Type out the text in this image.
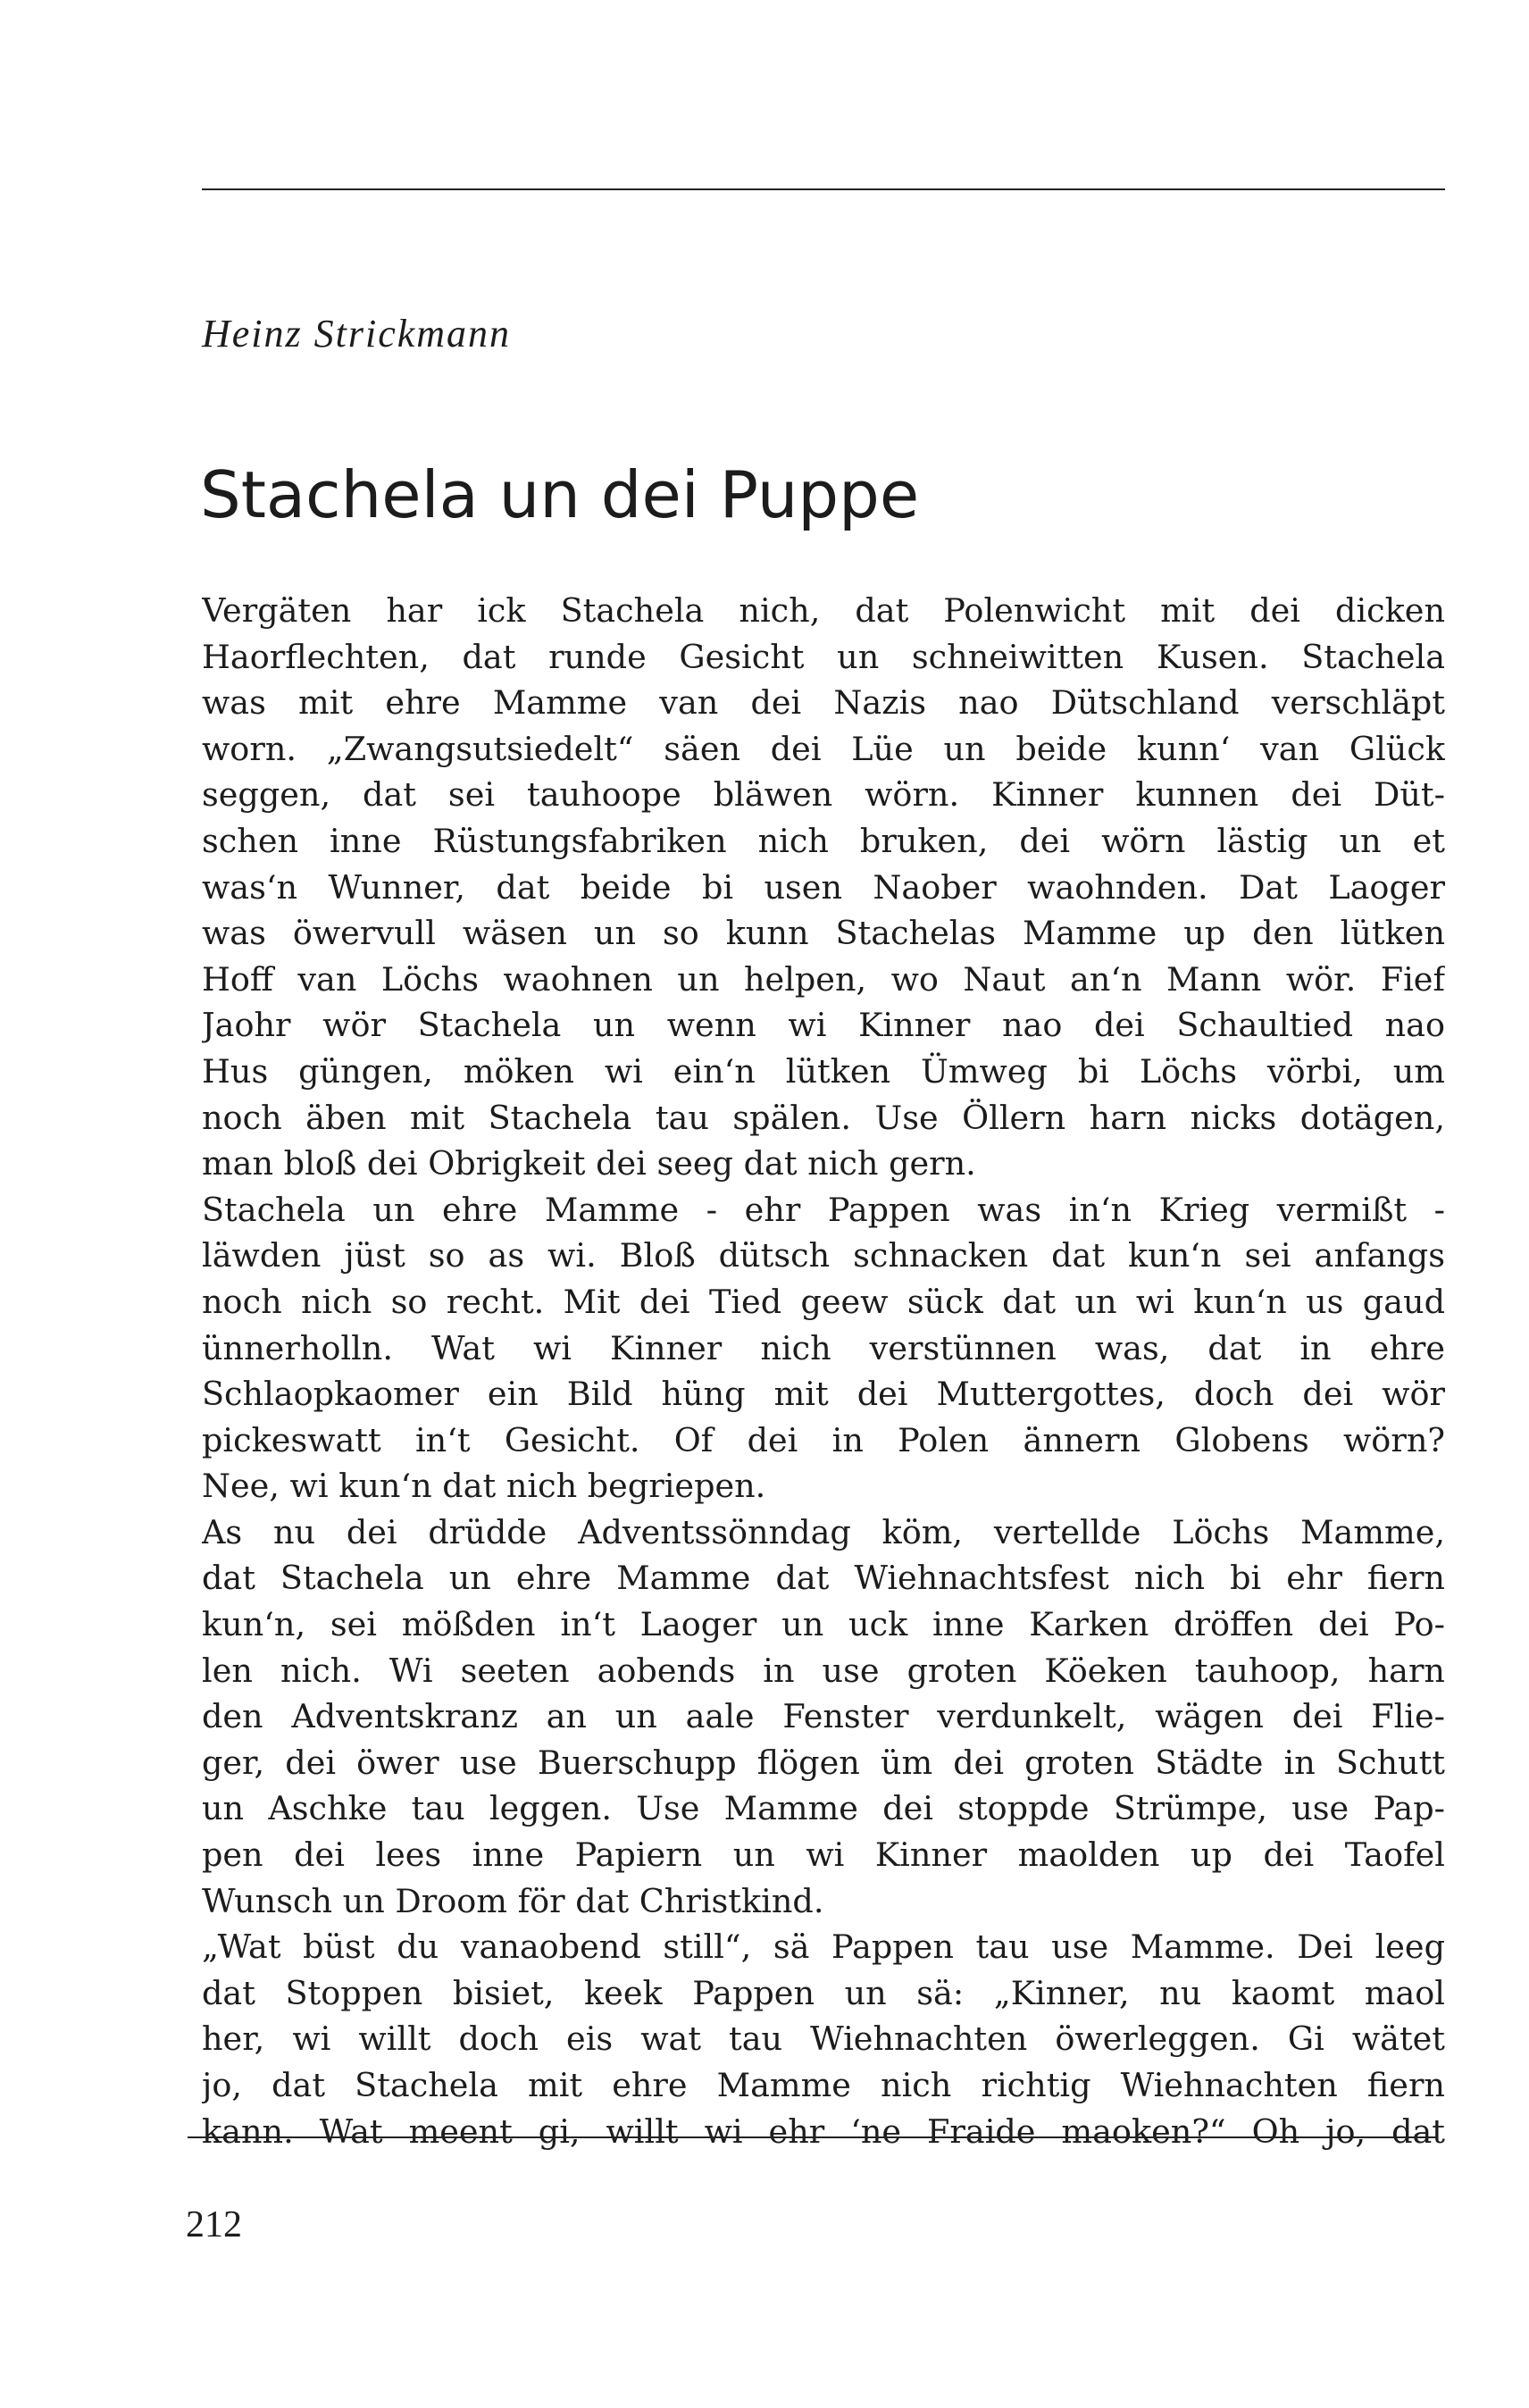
Heinz Strickmann
Stachela un dei Puppe
Vergäten har ick Stachela nich, dat Polenwicht mit dei dicken
Haorflechten, dat runde Gesicht un schneiwitten Kusen. Stachela
was mit ehre Mamme van dei Nazis nao Dütschland verschläpt
worn. „Zwangsutsiedelt“ säen dei Lüe un beide kunn‘ van Glück
seggen, dat sei tauhoope bläwen wörn. Kinner kunnen dei Düt-
schen inne Rüstungsfabriken nich bruken, dei wörn lästig un et
was‘n Wunner, dat beide bi usen Naober waohnden. Dat Laoger
was öwervull wäsen un so kunn Stachelas Mamme up den lütken
Hoff van Löchs waohnen un helpen, wo Naut an‘n Mann wör. Fief
Jaohr wör Stachela un wenn wi Kinner nao dei Schaultied nao
Hus güngen, möken wi ein‘n lütken Ümweg bi Löchs vörbi, um
noch äben mit Stachela tau spälen. Use Öllern harn nicks dotägen,
man bloß dei Obrigkeit dei seeg dat nich gern.
Stachela un ehre Mamme - ehr Pappen was in‘n Krieg vermißt -
läwden jüst so as wi. Bloß dütsch schnacken dat kun‘n sei anfangs
noch nich so recht. Mit dei Tied geew sück dat un wi kun‘n us gaud
ünnerholln. Wat wi Kinner nich verstünnen was, dat in ehre
Schlaopkaomer ein Bild hüng mit dei Muttergottes, doch dei wör
pickeswatt in‘t Gesicht. Of dei in Polen ännern Globens wörn?
Nee, wi kun‘n dat nich begriepen.
As nu dei drüdde Adventssönndag köm, vertellde Löchs Mamme,
dat Stachela un ehre Mamme dat Wiehnachtsfest nich bi ehr fiern
kun‘n, sei mößden in‘t Laoger un uck inne Karken dröffen dei Po-
len nich. Wi seeten aobends in use groten Köeken tauhoop, harn
den Adventskranz an un aale Fenster verdunkelt, wägen dei Flie-
ger, dei öwer use Buerschupp flögen üm dei groten Städte in Schutt
un Aschke tau leggen. Use Mamme dei stoppde Strümpe, use Pap-
pen dei lees inne Papiern un wi Kinner maolden up dei Taofel
Wunsch un Droom för dat Christkind.
„Wat büst du vanaobend still“, sä Pappen tau use Mamme. Dei leeg
dat Stoppen bisiet, keek Pappen un sä: „Kinner, nu kaomt maol
her, wi willt doch eis wat tau Wiehnachten öwerleggen. Gi wätet
jo, dat Stachela mit ehre Mamme nich richtig Wiehnachten fiern
kann. Wat meent gi, willt wi ehr ‘ne Fraide maoken?“ Oh jo, dat
212
